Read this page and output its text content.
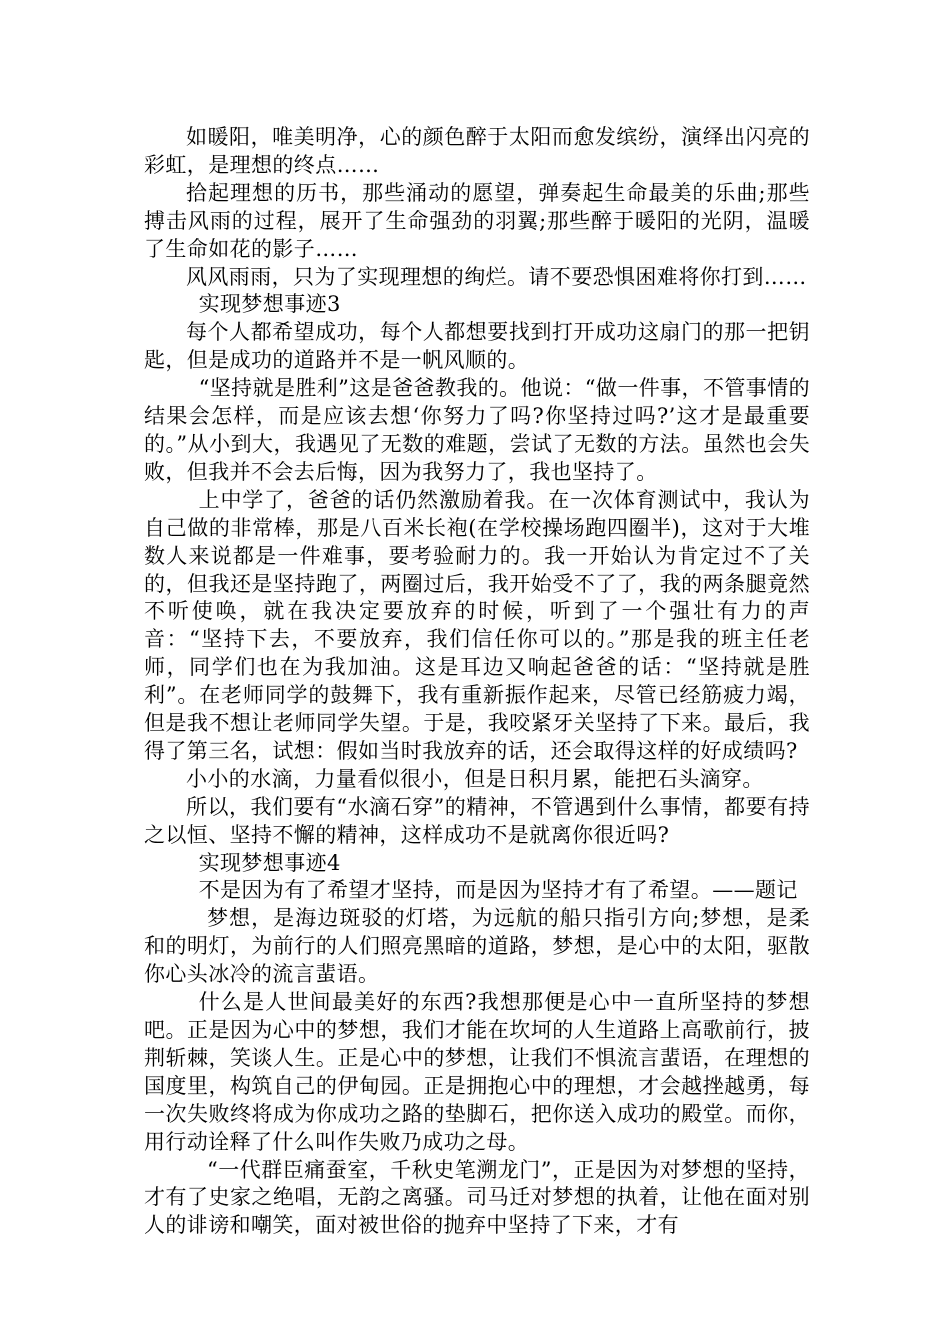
如暖阳，唯美明净，心的颜色醉于太阳而愈发缤纷，演绎出闪亮的彩虹，是理想的终点……

拾起理想的历书，那些涌动的愿望，弹奏起生命最美的乐曲;那些搏击风雨的过程，展开了生命强劲的羽翼;那些醉于暖阳的光阴，温暖了生命如花的影子……

风风雨雨，只为了实现理想的绚烂。请不要恐惧困难将你打到……

实现梦想事迹3

每个人都希望成功，每个人都想要找到打开成功这扇门的那一把钥匙，但是成功的道路并不是一帆风顺的。

“坚持就是胜利”这是爸爸教我的。他说：“做一件事，不管事情的结果会怎样，而是应该去想‘你努力了吗?你坚持过吗?’这才是最重要的。”从小到大，我遇见了无数的难题，尝试了无数的方法。虽然也会失败，但我并不会去后悔，因为我努力了，我也坚持了。

上中学了，爸爸的话仍然激励着我。在一次体育测试中，我认为自己做的非常棒，那是八百米长袍(在学校操场跑四圈半)，这对于大堆数人来说都是一件难事，要考验耐力的。我一开始认为肯定过不了关的，但我还是坚持跑了，两圈过后，我开始受不了了，我的两条腿竟然不听使唤，就在我决定要放弃的时候，听到了一个强壮有力的声音：“坚持下去，不要放弃，我们信任你可以的。”那是我的班主任老师，同学们也在为我加油。这是耳边又响起爸爸的话：“坚持就是胜利”。在老师同学的鼓舞下，我有重新振作起来，尽管已经筋疲力竭，但是我不想让老师同学失望。于是，我咬紧牙关坚持了下来。最后，我得了第三名，试想：假如当时我放弃的话，还会取得这样的好成绩吗?

小小的水滴，力量看似很小，但是日积月累，能把石头滴穿。

所以，我们要有“水滴石穿”的精神，不管遇到什么事情，都要有持之以恒、坚持不懈的精神，这样成功不是就离你很近吗?

实现梦想事迹4

不是因为有了希望才坚持，而是因为坚持才有了希望。——题记

梦想，是海边斑驳的灯塔，为远航的船只指引方向;梦想，是柔和的明灯，为前行的人们照亮黑暗的道路，梦想，是心中的太阳，驱散你心头冰冷的流言蜚语。

什么是人世间最美好的东西?我想那便是心中一直所坚持的梦想吧。正是因为心中的梦想，我们才能在坎坷的人生道路上高歌前行，披荆斩棘，笑谈人生。正是心中的梦想，让我们不惧流言蜚语，在理想的国度里，构筑自己的伊甸园。正是拥抱心中的理想，才会越挫越勇，每一次失败终将成为你成功之路的垫脚石，把你送入成功的殿堂。而你，用行动诠释了什么叫作失败乃成功之母。

“一代群臣痛蚕室，千秋史笔溯龙门”，正是因为对梦想的坚持，才有了史家之绝唱，无韵之离骚。司马迁对梦想的执着，让他在面对别人的诽谤和嘲笑，面对被世俗的抛弃中坚持了下来，才有
